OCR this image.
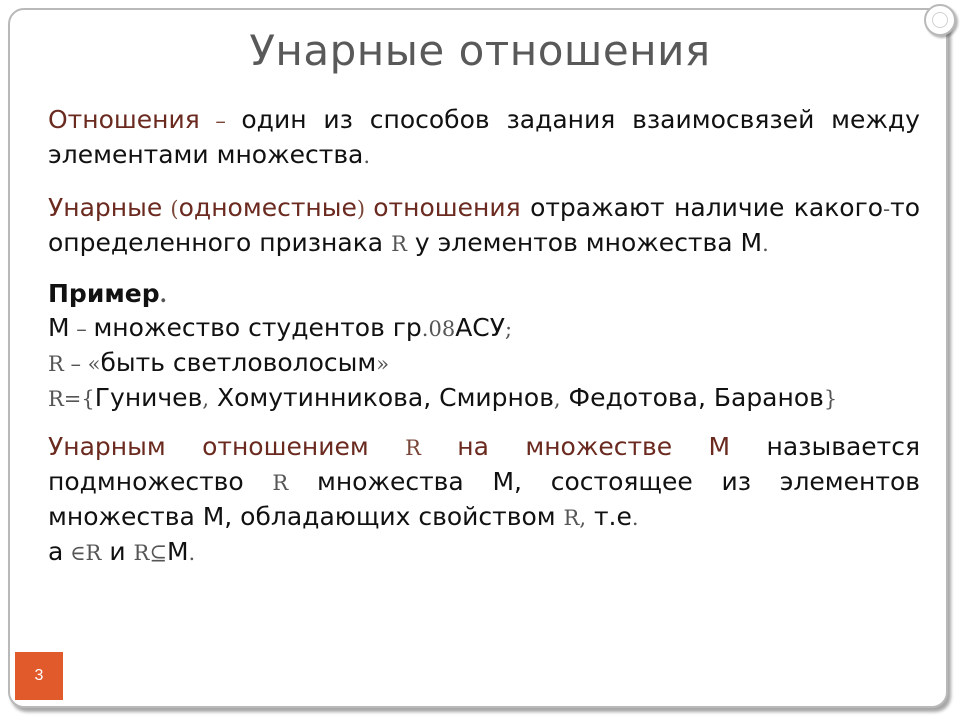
Унарные отношения

Отношения – один из способов задания взаимосвязей между элементами множества.

Унарные (одноместные) отношения отражают наличие какого-то определенного признака R у элементов множества М.

Пример.
М – множество студентов гр.08АСУ;
R – «быть светловолосым»
R={Гуничев, Хомутинникова, Смирнов, Федотова, Баранов}

Унарным отношением R на множестве М называется подмножество R множества М, состоящее из элементов множества М, обладающих свойством R, т.е.
a ∈R и R⊆M.

3
